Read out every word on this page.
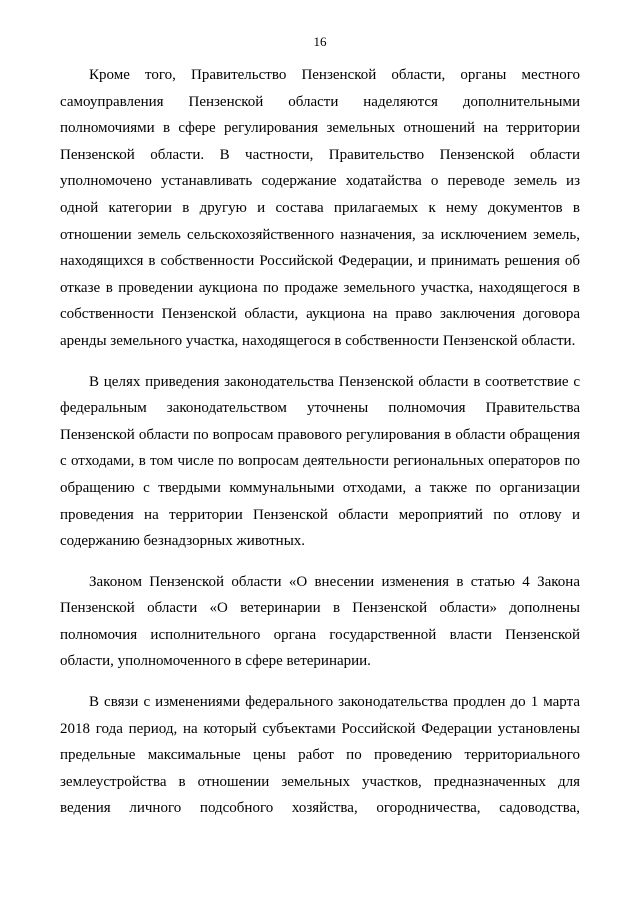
16

Кроме того, Правительство Пензенской области, органы местного самоуправления Пензенской области наделяются дополнительными полномочиями в сфере регулирования земельных отношений на территории Пензенской области. В частности, Правительство Пензенской области уполномочено устанавливать содержание ходатайства о переводе земель из одной категории в другую и состава прилагаемых к нему документов в отношении земель сельскохозяйственного назначения, за исключением земель, находящихся в собственности Российской Федерации, и принимать решения об отказе в проведении аукциона по продаже земельного участка, находящегося в собственности Пензенской области, аукциона на право заключения договора аренды земельного участка, находящегося в собственности Пензенской области.

В целях приведения законодательства Пензенской области в соответствие с федеральным законодательством уточнены полномочия Правительства Пензенской области по вопросам правового регулирования в области обращения с отходами, в том числе по вопросам деятельности региональных операторов по обращению с твердыми коммунальными отходами, а также по организации проведения на территории Пензенской области мероприятий по отлову и содержанию безнадзорных животных.

Законом Пензенской области «О внесении изменения в статью 4 Закона Пензенской области «О ветеринарии в Пензенской области» дополнены полномочия исполнительного органа государственной власти Пензенской области, уполномоченного в сфере ветеринарии.

В связи с изменениями федерального законодательства продлен до 1 марта 2018 года период, на который субъектами Российской Федерации установлены предельные максимальные цены работ по проведению территориального землеустройства в отношении земельных участков, предназначенных для ведения личного подсобного хозяйства, огородничества, садоводства,
